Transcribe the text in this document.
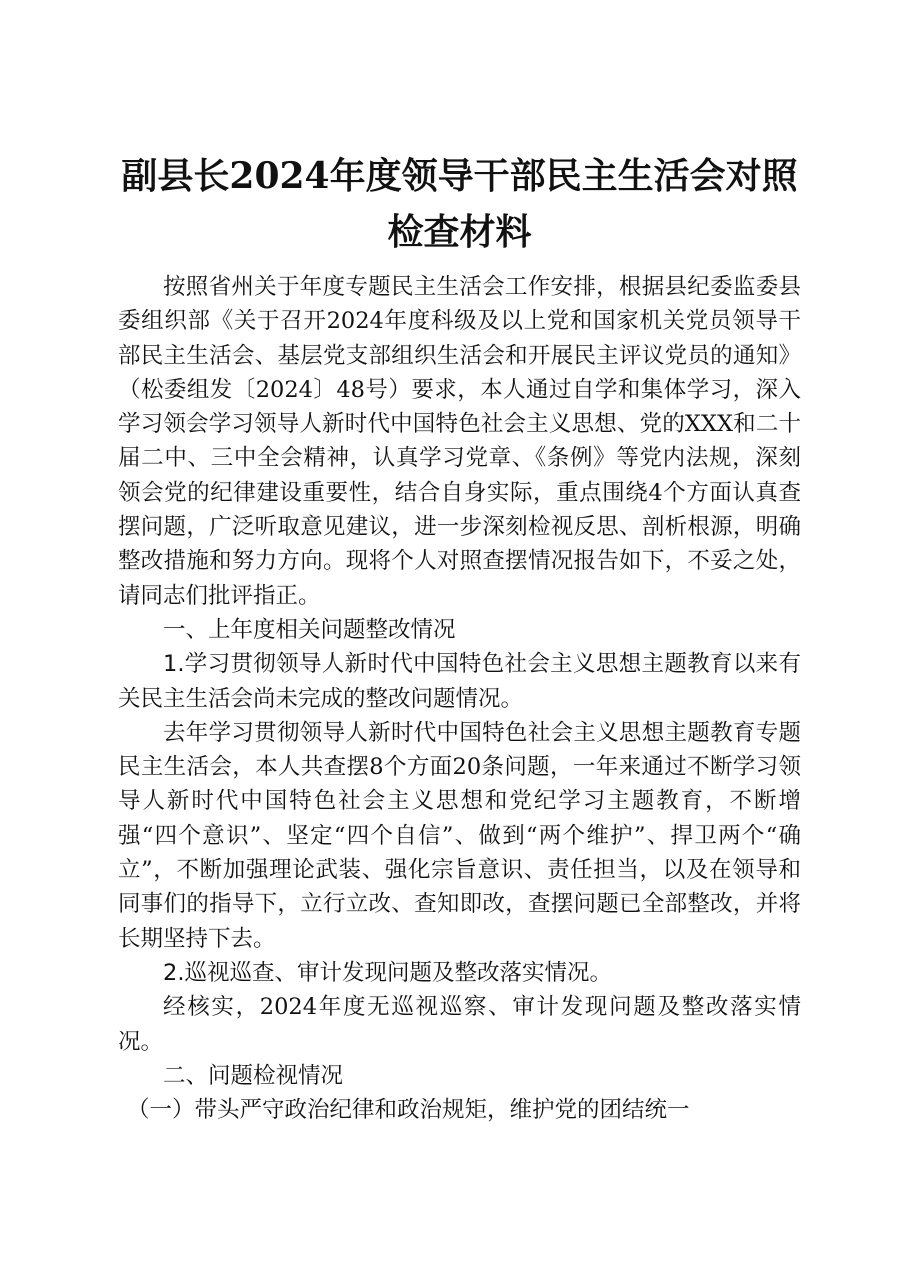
副县长2024年度领导干部民主生活会对照检查材料

按照省州关于年度专题民主生活会工作安排，根据县纪委监委县委组织部《关于召开2024年度科级及以上党和国家机关党员领导干部民主生活会、基层党支部组织生活会和开展民主评议党员的通知》（松委组发〔2024〕48号）要求，本人通过自学和集体学习，深入学习领会学习领导人新时代中国特色社会主义思想、党的XXX和二十届二中、三中全会精神，认真学习党章、《条例》等党内法规，深刻领会党的纪律建设重要性，结合自身实际，重点围绕4个方面认真查摆问题，广泛听取意见建议，进一步深刻检视反思、剖析根源，明确整改措施和努力方向。现将个人对照查摆情况报告如下，不妥之处，请同志们批评指正。

一、上年度相关问题整改情况

1.学习贯彻领导人新时代中国特色社会主义思想主题教育以来有关民主生活会尚未完成的整改问题情况。

去年学习贯彻领导人新时代中国特色社会主义思想主题教育专题民主生活会，本人共查摆8个方面20条问题，一年来通过不断学习领导人新时代中国特色社会主义思想和党纪学习主题教育，不断增强“四个意识”、坚定“四个自信”、做到“两个维护”、捍卫两个“确立”，不断加强理论武装、强化宗旨意识、责任担当，以及在领导和同事们的指导下，立行立改、查知即改，查摆问题已全部整改，并将长期坚持下去。

2.巡视巡查、审计发现问题及整改落实情况。

经核实，2024年度无巡视巡察、审计发现问题及整改落实情况。

二、问题检视情况

（一）带头严守政治纪律和政治规矩，维护党的团结统一
